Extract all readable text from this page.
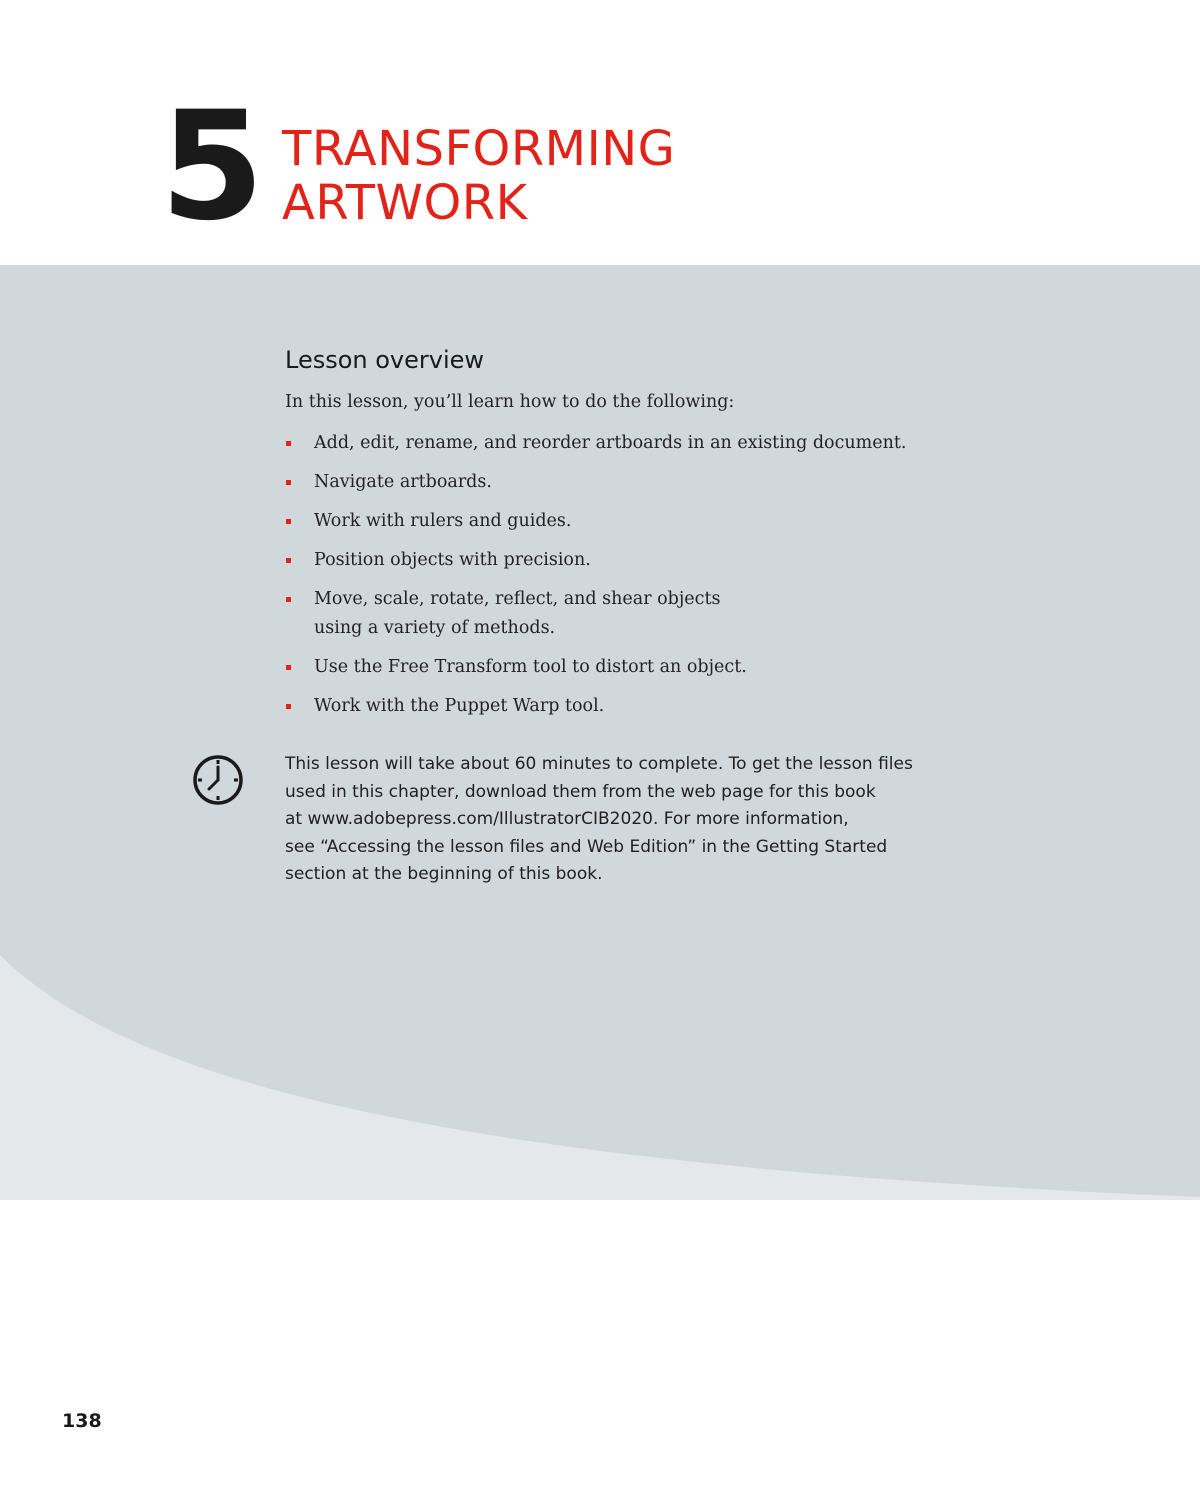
5 TRANSFORMING
ARTWORK
Lesson overview

In this lesson, you’ll learn how to do the following:

Add, edit, rename, and reorder artboards in an existing document.
Navigate artboards.
Work with rulers and guides.
Position objects with precision.
Move, scale, rotate, reflect, and shear objects
using a variety of methods.
Use the Free Transform tool to distort an object.
Work with the Puppet Warp tool.
This lesson will take about 60 minutes to complete. To get the lesson files
used in this chapter, download them from the web page for this book
at www.adobepress.com/IllustratorCIB2020. For more information,
see “Accessing the lesson files and Web Edition” in the Getting Started
section at the beginning of this book.
138
